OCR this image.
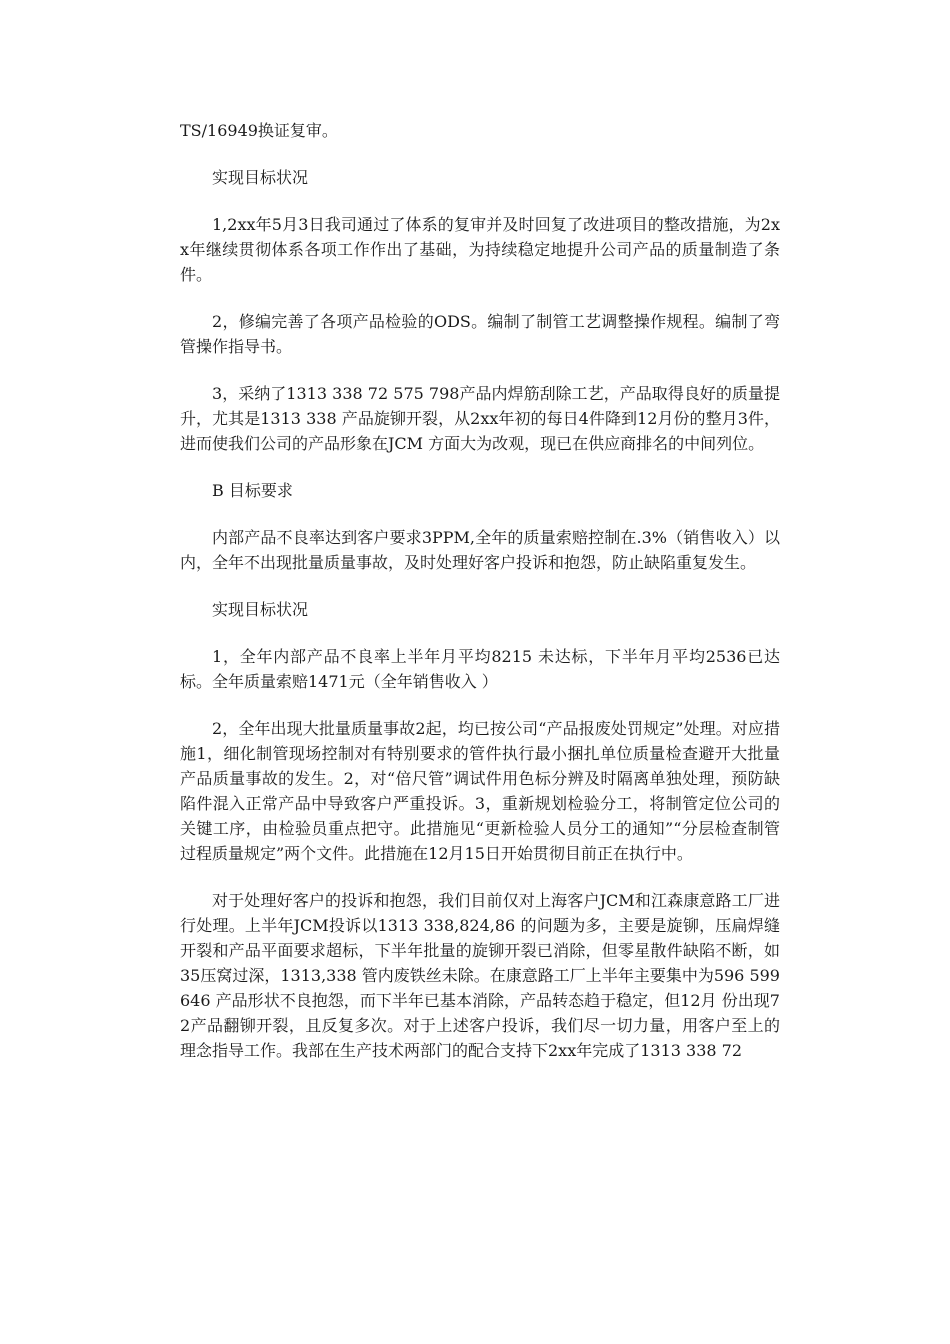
TS/16949换证复审。

实现目标状况

1,2xx年5月3日我司通过了体系的复审并及时回复了改进项目的整改措施，为2xx年继续贯彻体系各项工作作出了基础，为持续稳定地提升公司产品的质量制造了条件。

2，修编完善了各项产品检验的ODS。编制了制管工艺调整操作规程。编制了弯管操作指导书。

3，采纳了1313 338 72 575 798产品内焊筋刮除工艺，产品取得良好的质量提升，尤其是1313 338 产品旋铆开裂，从2xx年初的每日4件降到12月份的整月3件，进而使我们公司的产品形象在JCM 方面大为改观，现已在供应商排名的中间列位。

B 目标要求

内部产品不良率达到客户要求3PPM,全年的质量索赔控制在.3%（销售收入）以内，全年不出现批量质量事故，及时处理好客户投诉和抱怨，防止缺陷重复发生。

实现目标状况

1，全年内部产品不良率上半年月平均8215 未达标，下半年月平均2536已达标。全年质量索赔1471元（全年销售收入 ）

2，全年出现大批量质量事故2起，均已按公司“产品报废处罚规定”处理。对应措施1，细化制管现场控制对有特别要求的管件执行最小捆扎单位质量检查避开大批量产品质量事故的发生。2，对“倍尺管”调试件用色标分辨及时隔离单独处理，预防缺陷件混入正常产品中导致客户严重投诉。3，重新规划检验分工，将制管定位公司的关键工序，由检验员重点把守。此措施见“更新检验人员分工的通知”“分层检查制管过程质量规定”两个文件。此措施在12月15日开始贯彻目前正在执行中。

对于处理好客户的投诉和抱怨，我们目前仅对上海客户JCM和江森康意路工厂进行处理。上半年JCM投诉以1313 338,824,86 的问题为多，主要是旋铆，压扁焊缝开裂和产品平面要求超标，下半年批量的旋铆开裂已消除，但零星散件缺陷不断，如35压窝过深，1313,338 管内废铁丝未除。在康意路工厂上半年主要集中为596 599 646 产品形状不良抱怨，而下半年已基本消除，产品转态趋于稳定，但12月 份出现72产品翻铆开裂，且反复多次。对于上述客户投诉，我们尽一切力量，用客户至上的理念指导工作。我部在生产技术两部门的配合支持下2xx年完成了1313 338 72
